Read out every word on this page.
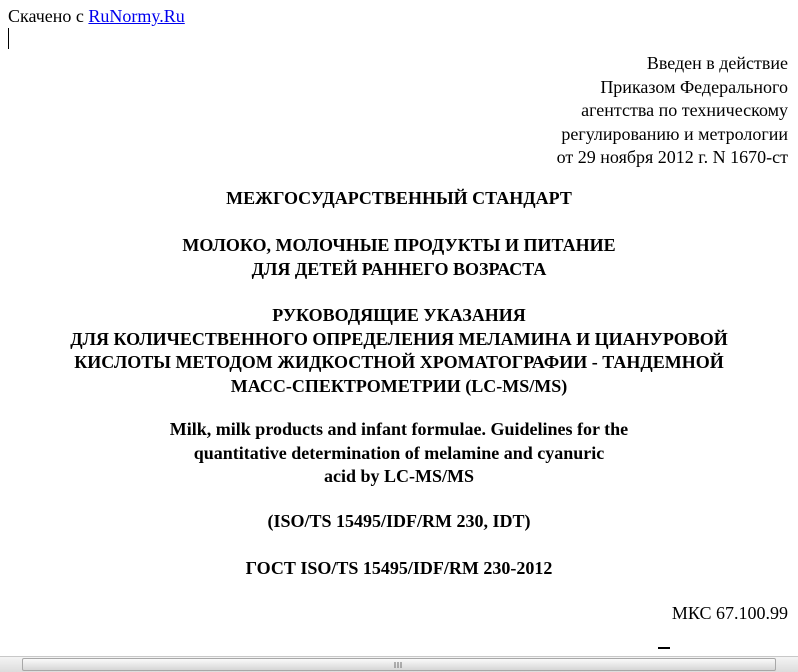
Скачено с RuNormy.Ru
Введен в действие
Приказом Федерального
агентства по техническому
регулированию и метрологии
от 29 ноября 2012 г. N 1670-ст
МЕЖГОСУДАРСТВЕННЫЙ СТАНДАРТ
МОЛОКО, МОЛОЧНЫЕ ПРОДУКТЫ И ПИТАНИЕ
ДЛЯ ДЕТЕЙ РАННЕГО ВОЗРАСТА
РУКОВОДЯЩИЕ УКАЗАНИЯ
ДЛЯ КОЛИЧЕСТВЕННОГО ОПРЕДЕЛЕНИЯ МЕЛАМИНА И ЦИАНУРОВОЙ
КИСЛОТЫ МЕТОДОМ ЖИДКОСТНОЙ ХРОМАТОГРАФИИ - ТАНДЕМНОЙ
МАСС-СПЕКТРОМЕТРИИ (LC-MS/MS)
Milk, milk products and infant formulae. Guidelines for the
quantitative determination of melamine and cyanuric
acid by LC-MS/MS
(ISO/TS 15495/IDF/RM 230, IDT)
ГОСТ ISO/TS 15495/IDF/RM 230-2012
МКС 67.100.99
